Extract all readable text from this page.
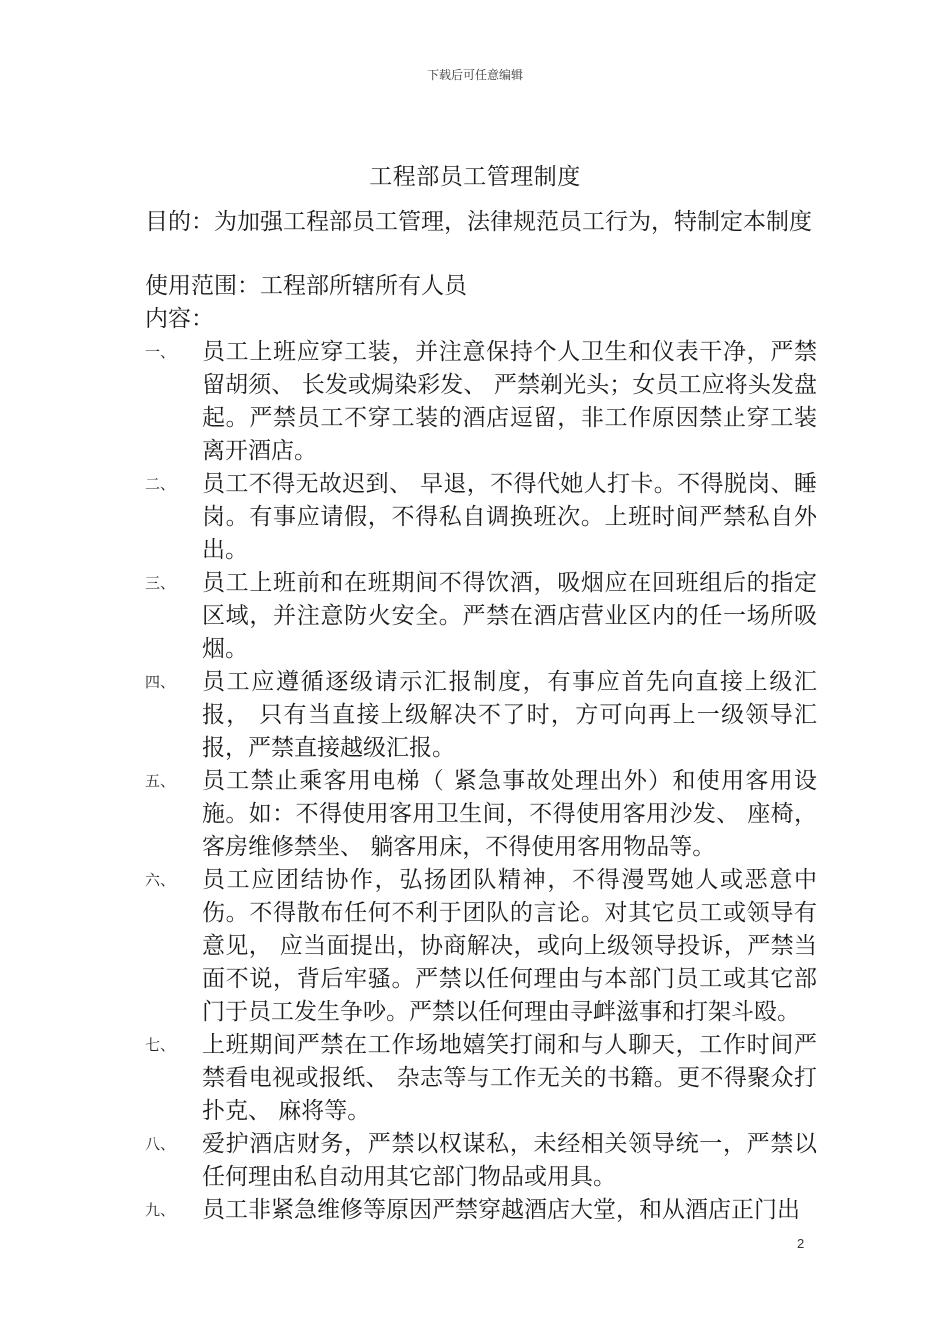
下载后可任意编辑
工程部员工管理制度
目的：为加强工程部员工管理，法律规范员工行为，特制定本制度
使用范围：工程部所辖所有人员
内容：
一、	员工上班应穿工装，并注意保持个人卫生和仪表干净，严禁留胡须、 长发或焗染彩发、 严禁剃光头；女员工应将头发盘起。严禁员工不穿工装的酒店逗留，非工作原因禁止穿工装离开酒店。
二、	员工不得无故迟到、 早退，不得代她人打卡。不得脱岗、睡岗。有事应请假，不得私自调换班次。上班时间严禁私自外出。
三、	员工上班前和在班期间不得饮酒，吸烟应在回班组后的指定区域，并注意防火安全。严禁在酒店营业区内的任一场所吸烟。
四、	员工应遵循逐级请示汇报制度，有事应首先向直接上级汇报， 只有当直接上级解决不了时，方可向再上一级领导汇报，严禁直接越级汇报。
五、	员工禁止乘客用电梯（ 紧急事故处理出外）和使用客用设施。如：不得使用客用卫生间，不得使用客用沙发、 座椅，客房维修禁坐、 躺客用床，不得使用客用物品等。
六、	员工应团结协作，弘扬团队精神，不得漫骂她人或恶意中伤。不得散布任何不利于团队的言论。对其它员工或领导有意见， 应当面提出，协商解决，或向上级领导投诉，严禁当面不说，背后牢骚。严禁以任何理由与本部门员工或其它部门于员工发生争吵。严禁以任何理由寻衅滋事和打架斗殴。
七、	上班期间严禁在工作场地嬉笑打闹和与人聊天，工作时间严禁看电视或报纸、 杂志等与工作无关的书籍。更不得聚众打扑克、 麻将等。
八、	爱护酒店财务，严禁以权谋私，未经相关领导统一，严禁以任何理由私自动用其它部门物品或用具。
九、	员工非紧急维修等原因严禁穿越酒店大堂，和从酒店正门出
2
